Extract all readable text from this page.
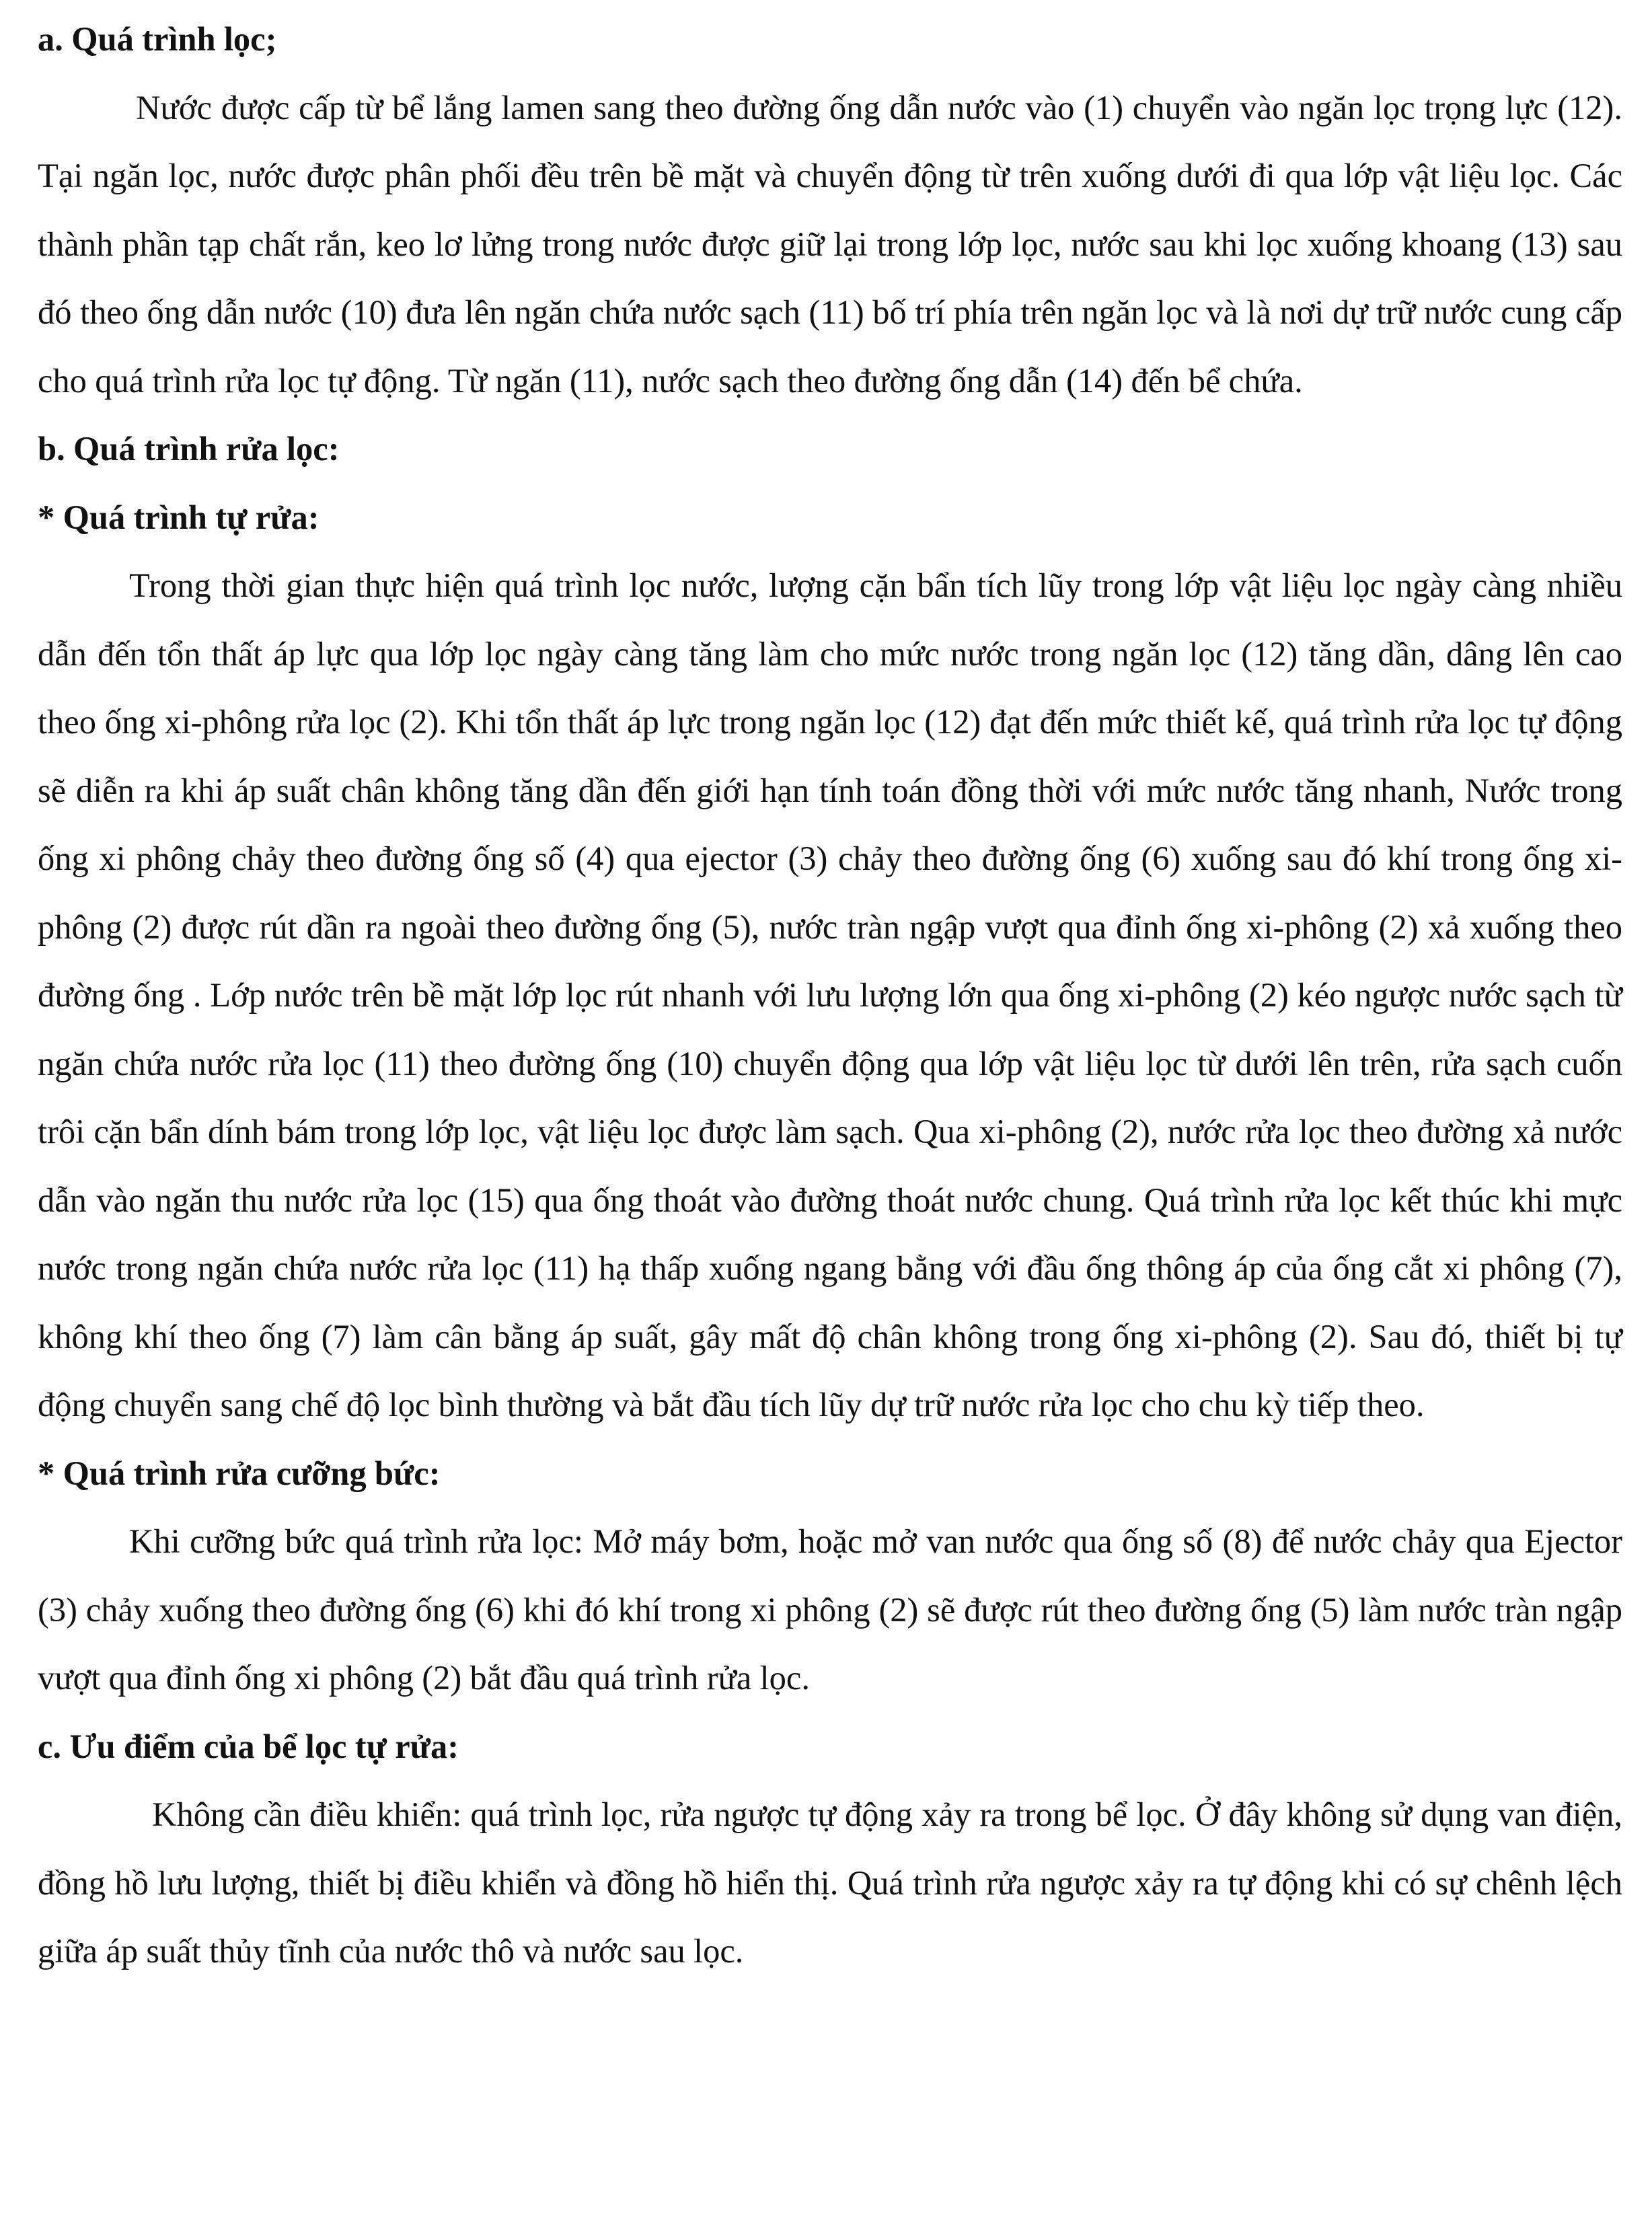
a. Quá trình lọc;

Nước được cấp từ bể lắng lamen sang theo đường ống dẫn nước vào (1) chuyển vào ngăn lọc trọng lực (12). Tại ngăn lọc, nước được phân phối đều trên bề mặt và chuyển động từ trên xuống dưới đi qua lớp vật liệu lọc. Các thành phần tạp chất rắn, keo lơ lửng trong nước được giữ lại trong lớp lọc, nước sau khi lọc xuống khoang (13) sau đó theo ống dẫn nước (10) đưa lên ngăn chứa nước sạch (11) bố trí phía trên ngăn lọc và là nơi dự trữ nước cung cấp cho quá trình rửa lọc tự động. Từ ngăn (11), nước sạch theo đường ống dẫn (14) đến bể chứa.

b. Quá trình rửa lọc:

* Quá trình tự rửa:

Trong thời gian thực hiện quá trình lọc nước, lượng cặn bẩn tích lũy trong lớp vật liệu lọc ngày càng nhiều dẫn đến tổn thất áp lực qua lớp lọc ngày càng tăng làm cho mức nước trong ngăn lọc (12) tăng dần, dâng lên cao theo ống xi-phông rửa lọc (2). Khi tổn thất áp lực trong ngăn lọc (12) đạt đến mức thiết kế, quá trình rửa lọc tự động sẽ diễn ra khi áp suất chân không tăng dần đến giới hạn tính toán đồng thời với mức nước tăng nhanh, Nước trong ống xi phông chảy theo đường ống số (4) qua ejector (3) chảy theo đường ống (6) xuống sau đó khí trong ống xi-phông (2) được rút dần ra ngoài theo đường ống (5), nước tràn ngập vượt qua đỉnh ống xi-phông (2) xả xuống theo đường ống . Lớp nước trên bề mặt lớp lọc rút nhanh với lưu lượng lớn qua ống xi-phông (2) kéo ngược nước sạch từ ngăn chứa nước rửa lọc (11) theo đường ống (10) chuyển động qua lớp vật liệu lọc từ dưới lên trên, rửa sạch cuốn trôi cặn bẩn dính bám trong lớp lọc, vật liệu lọc được làm sạch. Qua xi-phông (2), nước rửa lọc theo đường xả nước dẫn vào ngăn thu nước rửa lọc (15) qua ống thoát vào đường thoát nước chung. Quá trình rửa lọc kết thúc khi mực nước trong ngăn chứa nước rửa lọc (11) hạ thấp xuống ngang bằng với đầu ống thông áp của ống cắt xi phông (7), không khí theo ống (7) làm cân bằng áp suất, gây mất độ chân không trong ống xi-phông (2). Sau đó, thiết bị tự động chuyển sang chế độ lọc bình thường và bắt đầu tích lũy dự trữ nước rửa lọc cho chu kỳ tiếp theo.

* Quá trình rửa cưỡng bức:

Khi cưỡng bức quá trình rửa lọc: Mở máy bơm, hoặc mở van nước qua ống số (8) để nước chảy qua Ejector (3) chảy xuống theo đường ống (6) khi đó khí trong xi phông (2) sẽ được rút theo đường ống (5) làm nước tràn ngập vượt qua đỉnh ống xi phông (2) bắt đầu quá trình rửa lọc.

c. Ưu điểm của bể lọc tự rửa:

Không cần điều khiển: quá trình lọc, rửa ngược tự động xảy ra trong bể lọc. Ở đây không sử dụng van điện, đồng hồ lưu lượng, thiết bị điều khiển và đồng hồ hiển thị. Quá trình rửa ngược xảy ra tự động khi có sự chênh lệch giữa áp suất thủy tĩnh của nước thô và nước sau lọc.
